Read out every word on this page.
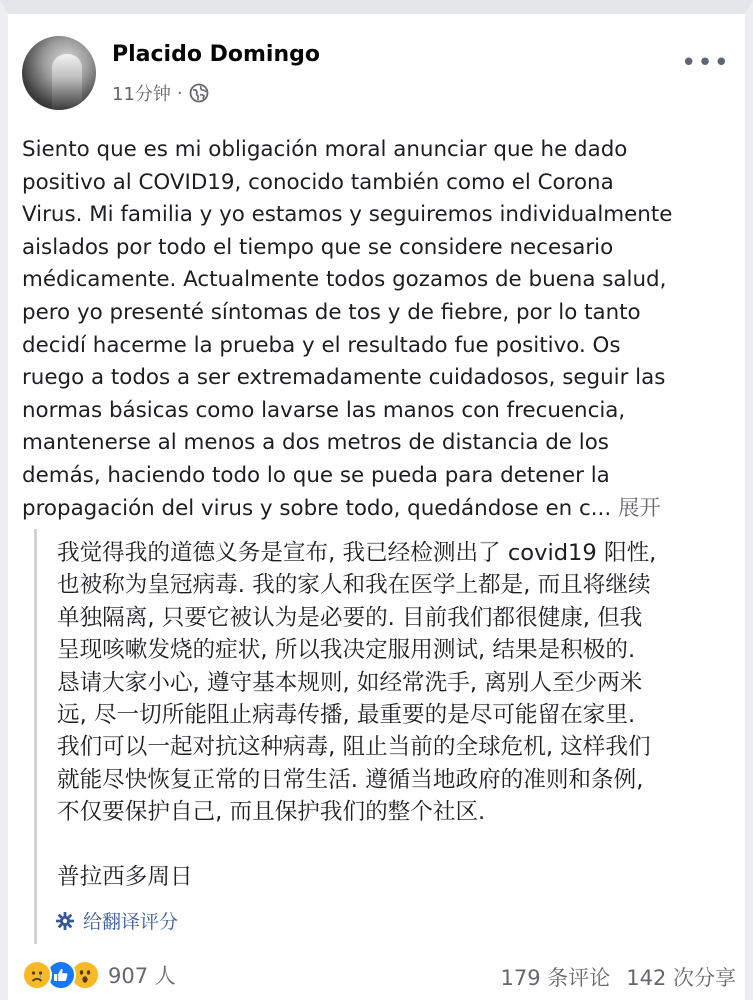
Placido Domingo
11分钟 ·
•••
Siento que es mi obligación moral anunciar que he dado
positivo al COVID19, conocido también como el Corona
Virus. Mi familia y yo estamos y seguiremos individualmente
aislados por todo el tiempo que se considere necesario
médicamente. Actualmente todos gozamos de buena salud,
pero yo presenté síntomas de tos y de fiebre, por lo tanto
decidí hacerme la prueba y el resultado fue positivo. Os
ruego a todos a ser extremadamente cuidadosos, seguir las
normas básicas como lavarse las manos con frecuencia,
mantenerse al menos a dos metros de distancia de los
demás, haciendo todo lo que se pueda para detener la
propagación del virus y sobre todo, quedándose en c... 展开
我觉得我的道德义务是宣布, 我已经检测出了 covid19 阳性,
也被称为皇冠病毒. 我的家人和我在医学上都是, 而且将继续
单独隔离, 只要它被认为是必要的. 目前我们都很健康, 但我
呈现咳嗽发烧的症状, 所以我决定服用测试, 结果是积极的.
恳请大家小心, 遵守基本规则, 如经常洗手, 离别人至少两米
远, 尽一切所能阻止病毒传播, 最重要的是尽可能留在家里.
我们可以一起对抗这种病毒, 阻止当前的全球危机, 这样我们
就能尽快恢复正常的日常生活. 遵循当地政府的准则和条例,
不仅要保护自己, 而且保护我们的整个社区.
普拉西多周日
给翻译评分
907 人	179 条评论 142 次分享
